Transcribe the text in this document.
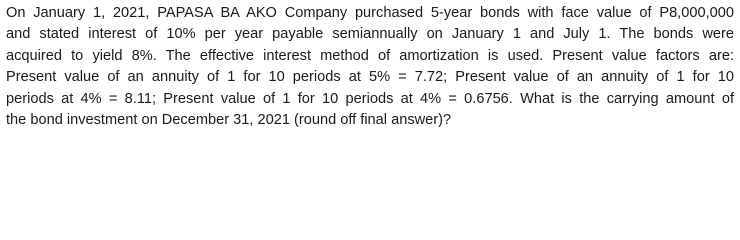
On January 1, 2021, PAPASA BA AKO Company purchased 5-year bonds with face value of P8,000,000
and stated interest of 10% per year payable semiannually on January 1 and July 1. The bonds were
acquired to yield 8%. The effective interest method of amortization is used. Present value factors are:
Present value of an annuity of 1 for 10 periods at 5% = 7.72; Present value of an annuity of 1 for 10
periods at 4% = 8.11; Present value of 1 for 10 periods at 4% = 0.6756. What is the carrying amount of
the bond investment on December 31, 2021 (round off final answer)?
